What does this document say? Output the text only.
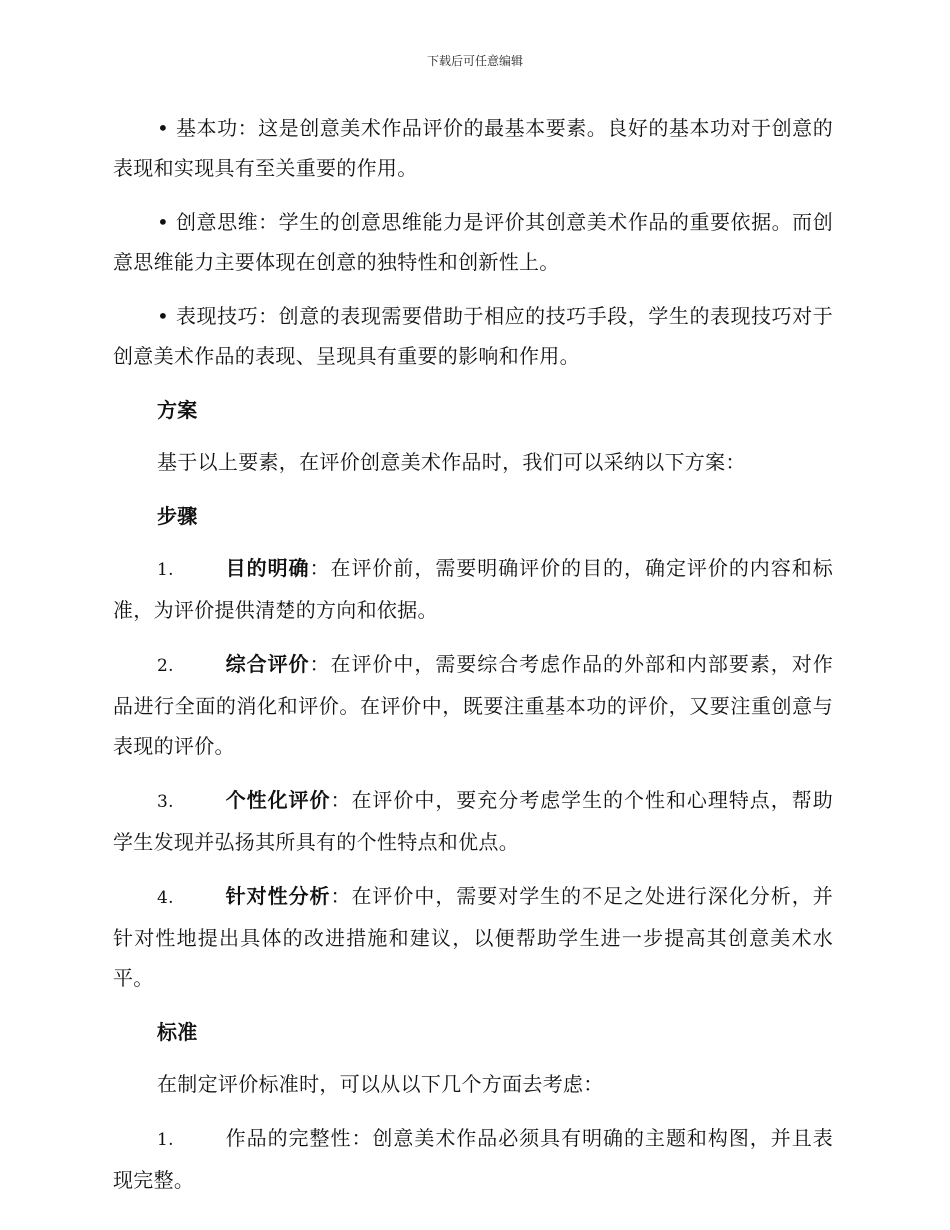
下载后可任意编辑

• 基本功：这是创意美术作品评价的最基本要素。良好的基本功对于创意的表现和实现具有至关重要的作用。

• 创意思维：学生的创意思维能力是评价其创意美术作品的重要依据。而创意思维能力主要体现在创意的独特性和创新性上。

• 表现技巧：创意的表现需要借助于相应的技巧手段，学生的表现技巧对于创意美术作品的表现、呈现具有重要的影响和作用。

方案

基于以上要素，在评价创意美术作品时，我们可以采纳以下方案：

步骤

1.	目的明确：在评价前，需要明确评价的目的，确定评价的内容和标准，为评价提供清楚的方向和依据。

2.	综合评价：在评价中，需要综合考虑作品的外部和内部要素，对作品进行全面的消化和评价。在评价中，既要注重基本功的评价，又要注重创意与表现的评价。

3.	个性化评价：在评价中，要充分考虑学生的个性和心理特点，帮助学生发现并弘扬其所具有的个性特点和优点。

4.	针对性分析：在评价中，需要对学生的不足之处进行深化分析，并针对性地提出具体的改进措施和建议，以便帮助学生进一步提高其创意美术水平。

标准

在制定评价标准时，可以从以下几个方面去考虑：

1.	作品的完整性：创意美术作品必须具有明确的主题和构图，并且表现完整。
